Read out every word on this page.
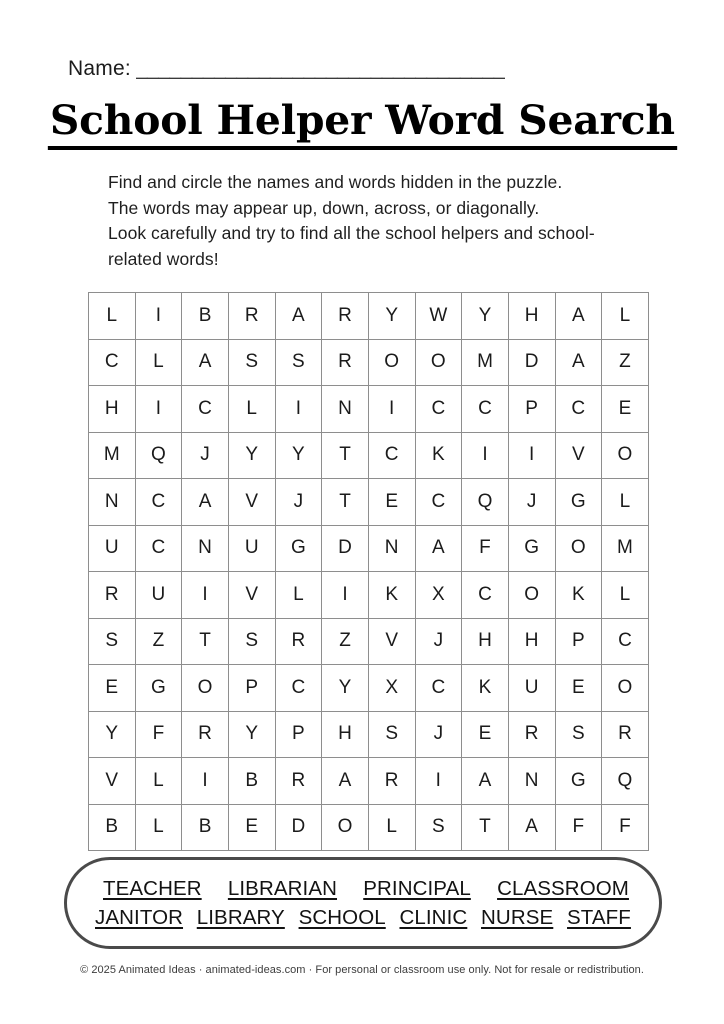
Name: _________________________________
School Helper Word Search
Find and circle the names and words hidden in the puzzle.
The words may appear up, down, across, or diagonally.
Look carefully and try to find all the school helpers and school-
related words!
L	I	B	R	A	R	Y	W	Y	H	A	L
C	L	A	S	S	R	O	O	M	D	A	Z
H	I	C	L	I	N	I	C	C	P	C	E
M	Q	J	Y	Y	T	C	K	I	I	V	O
N	C	A	V	J	T	E	C	Q	J	G	L
U	C	N	U	G	D	N	A	F	G	O	M
R	U	I	V	L	I	K	X	C	O	K	L
S	Z	T	S	R	Z	V	J	H	H	P	C
E	G	O	P	C	Y	X	C	K	U	E	O
Y	F	R	Y	P	H	S	J	E	R	S	R
V	L	I	B	R	A	R	I	A	N	G	Q
B	L	B	E	D	O	L	S	T	A	F	F
TEACHER LIBRARIAN PRINCIPAL CLASSROOM
JANITOR LIBRARY SCHOOL CLINIC NURSE STAFF
© 2025 Animated Ideas · animated-ideas.com · For personal or classroom use only. Not for resale or redistribution.
